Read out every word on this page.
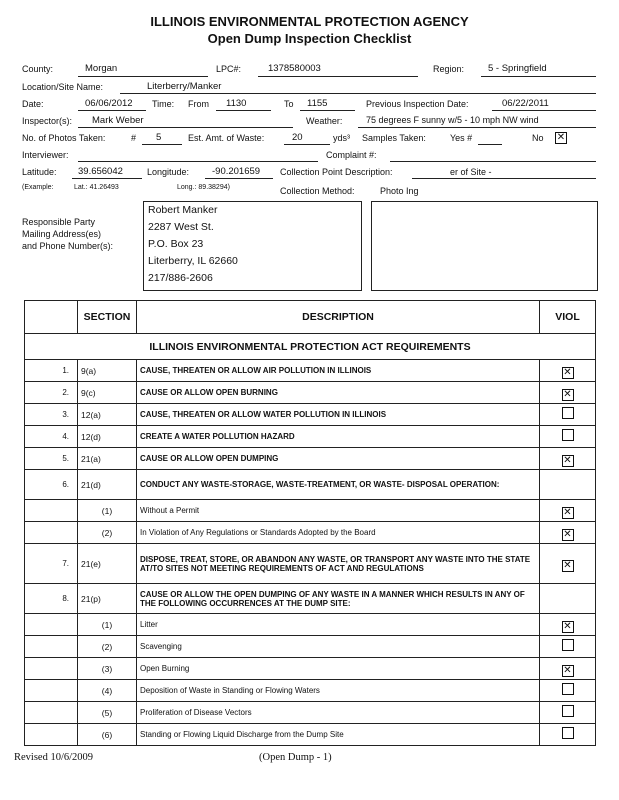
ILLINOIS ENVIRONMENTAL PROTECTION AGENCY
Open Dump Inspection Checklist
County:	Morgan	LPC#:	1378580003	Region:	5 - Springfield
Location/Site Name:	Literberry/Manker
Date:	06/06/2012 Time: From 1130	To 1155	Previous Inspection Date:	06/22/2011
Inspector(s): Mark Weber	Weather:	75 degrees F sunny w/5 - 10 mph NW wind
No. of Photos Taken:	# 5	Est. Amt. of Waste:	20	yds³ Samples Taken:	Yes #	No ✕
Interviewer:	Complaint #:
Latitude: 39.656042	Longitude: -90.201659 Collection Point Description:	er of Site -
(Example:	Lat.: 41.26493	Long.: 89.38294)	Collection Method:	Photo Ing
Responsible Party
Mailing Address(es)
and Phone Number(s):
Robert Manker
2287 West St.
P.O. Box 23
Literberry, IL 62660
217/886-2606
	SECTION	DESCRIPTION	VIOL
ILLINOIS ENVIRONMENTAL PROTECTION ACT REQUIREMENTS			
1.	9(a)	CAUSE, THREATEN OR ALLOW AIR POLLUTION IN ILLINOIS	✕
2.	9(c)	CAUSE OR ALLOW OPEN BURNING	✕
3.	12(a)	CAUSE, THREATEN OR ALLOW WATER POLLUTION IN ILLINOIS	
4.	12(d)	CREATE A WATER POLLUTION HAZARD	
5.	21(a)	CAUSE OR ALLOW OPEN DUMPING	✕
6.	21(d)	CONDUCT ANY WASTE-STORAGE, WASTE-TREATMENT, OR WASTE- DISPOSAL OPERATION:	
	(1)	Without a Permit	✕
	(2)	In Violation of Any Regulations or Standards Adopted by the Board	✕
7.	21(e)	DISPOSE, TREAT, STORE, OR ABANDON ANY WASTE, OR TRANSPORT ANY WASTE INTO THE STATE AT/TO SITES NOT MEETING REQUIREMENTS OF ACT AND REGULATIONS	✕
8.	21(p)	CAUSE OR ALLOW THE OPEN DUMPING OF ANY WASTE IN A MANNER WHICH RESULTS IN ANY OF THE FOLLOWING OCCURRENCES AT THE DUMP SITE:	
	(1)	Litter	✕
	(2)	Scavenging	
	(3)	Open Burning	✕
	(4)	Deposition of Waste in Standing or Flowing Waters	
	(5)	Proliferation of Disease Vectors	
	(6)	Standing or Flowing Liquid Discharge from the Dump Site	
Revised 10/6/2009	(Open Dump - 1)
